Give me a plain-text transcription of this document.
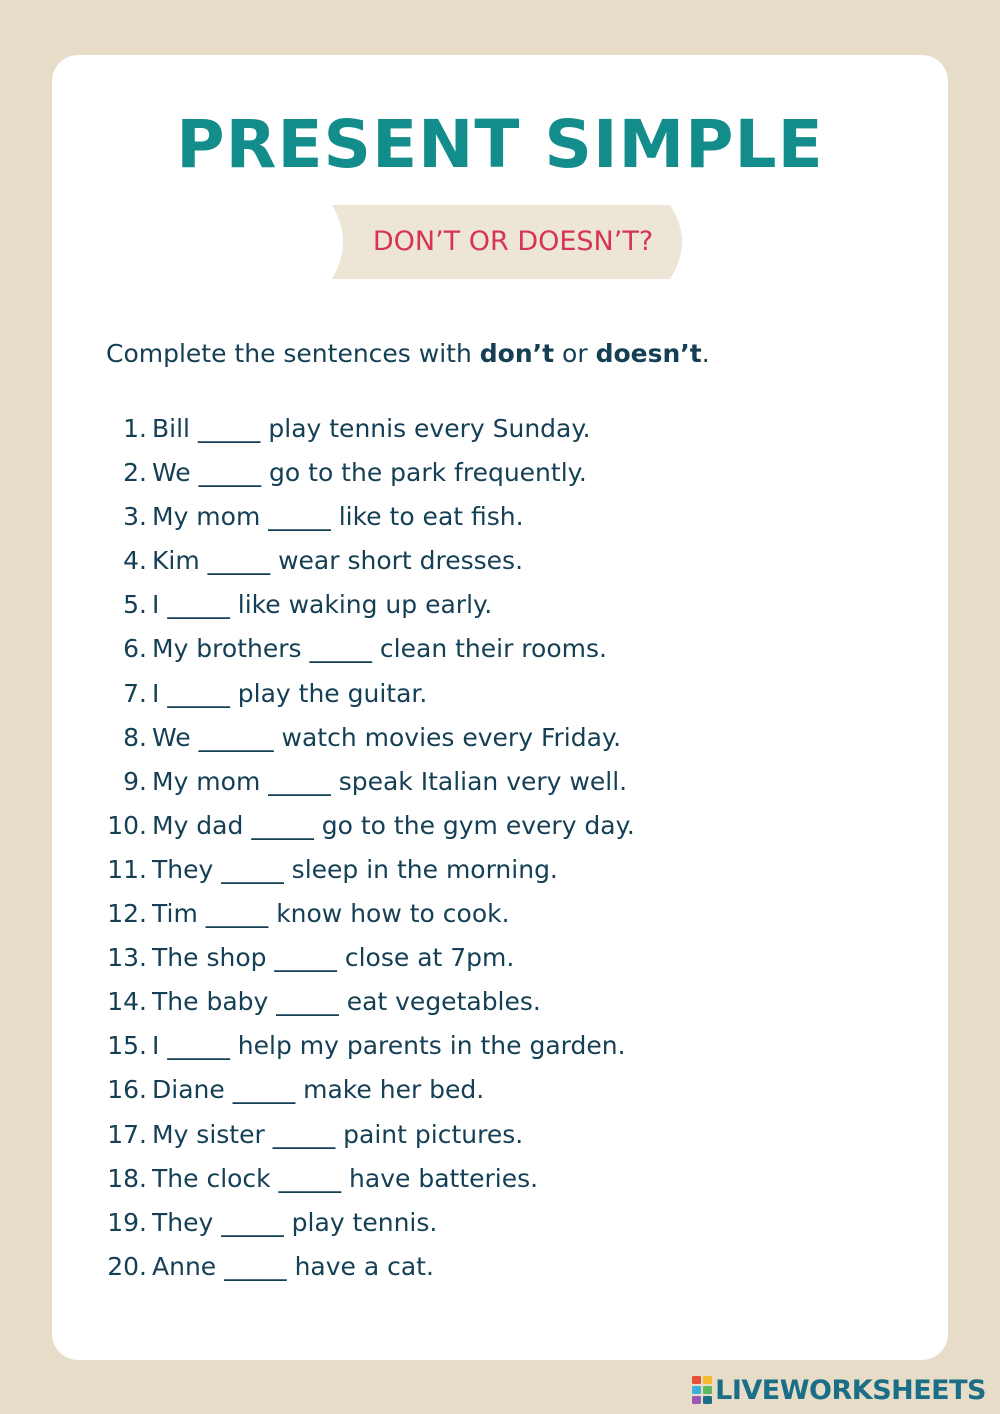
PRESENT SIMPLE
DON’T OR DOESN’T?
Complete the sentences with don’t or doesn’t.
1. Bill _____ play tennis every Sunday.
2. We _____ go to the park frequently.
3. My mom _____ like to eat fish.
4. Kim _____ wear short dresses.
5. I _____ like waking up early.
6. My brothers _____ clean their rooms.
7. I _____ play the guitar.
8. We ______ watch movies every Friday.
9. My mom _____ speak Italian very well.
10. My dad _____ go to the gym every day.
11. They _____ sleep in the morning.
12. Tim _____ know how to cook.
13. The shop _____ close at 7pm.
14. The baby _____ eat vegetables.
15. I _____ help my parents in the garden.
16. Diane _____ make her bed.
17. My sister _____ paint pictures.
18. The clock _____ have batteries.
19. They _____ play tennis.
20. Anne _____ have a cat.
LIVEWORKSHEETS
